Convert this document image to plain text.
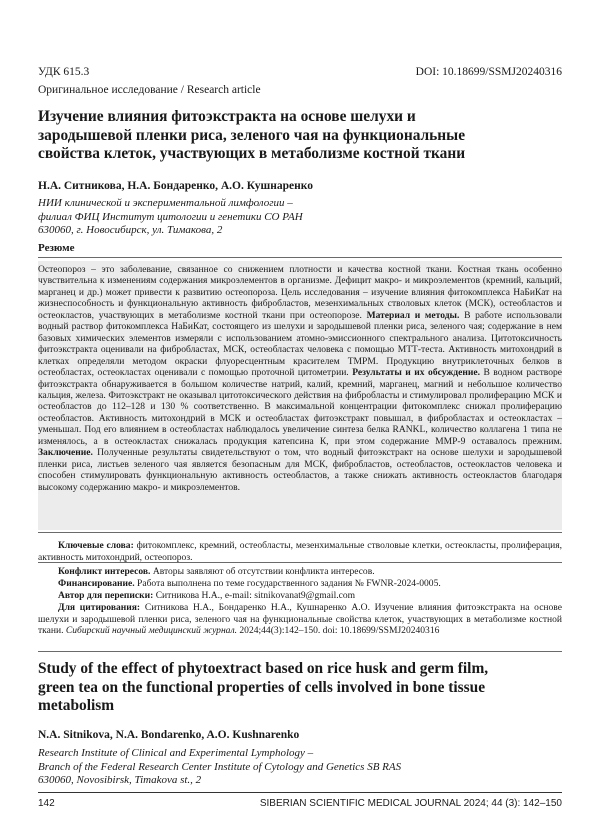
УДК 615.3	DOI: 10.18699/SSMJ20240316
Оригинальное исследование / Research article
Изучение влияния фитоэкстракта на основе шелухи и
зародышевой пленки риса, зеленого чая на функциональные
свойства клеток, участвующих в метаболизме костной ткани
Н.А. Ситникова, Н.А. Бондаренко, А.О. Кушнаренко
НИИ клинической и экспериментальной лимфологии –
филиал ФИЦ Институт цитологии и генетики СО РАН
630060, г. Новосибирск, ул. Тимакова, 2
Резюме
Остеопороз – это заболевание, связанное со снижением плотности и качества костной ткани. Костная ткань особенно чувствительна к изменениям содержания микроэлементов в организме. Дефицит макро- и микроэлементов (кремний, кальций, марганец и др.) может привести к развитию остеопороза. Цель исследования – изучение влияния фитокомплекса НаБиКат на жизнеспособность и функциональную активность фибробластов, мезенхимальных стволовых клеток (МСК), остеобластов и остеокластов, участвующих в метаболизме костной ткани при остеопорозе. Материал и методы. В работе использовали водный раствор фитокомплекса НаБиКат, состоящего из шелухи и зародышевой пленки риса, зеленого чая; содержание в нем базовых химических элементов измеряли с использованием атомно-эмиссионного спектрального анализа. Цитотоксичность фитоэкстракта оценивали на фибробластах, МСК, остеобластах человека с помощью МТТ-теста. Активность митохондрий в клетках определяли методом окраски флуоресцентным красителем TMPM. Продукцию внутриклеточных белков в остеобластах, остеокластах оценивали с помощью проточной цитометрии. Результаты и их обсуждение. В водном растворе фитоэкстракта обнаруживается в большом количестве натрий, калий, кремний, марганец, магний и небольшое количество кальция, железа. Фитоэкстракт не оказывал цитотоксического действия на фибробласты и стимулировал пролиферацию МСК и остеобластов до 112–128 и 130 % соответственно. В максимальной концентрации фитокомплекс снижал пролиферацию остеобластов. Активность митохондрий в МСК и остеобластах фитоэкстракт повышал, в фибробластах и остеокластах – уменьшал. Под его влиянием в остеобластах наблюдалось увеличение синтеза белка RANKL, количество коллагена 1 типа не изменялось, а в остеокластах снижалась продукция катепсина К, при этом содержание MMP-9 оставалось прежним. Заключение. Полученные результаты свидетельствуют о том, что водный фитоэкстракт на основе шелухи и зародышевой пленки риса, листьев зеленого чая является безопасным для МСК, фибробластов, остеобластов, остеокластов человека и способен стимулировать функциональную активность остеобластов, а также снижать активность остеокластов благодаря высокому содержанию макро- и микроэлементов.
Ключевые слова: фитокомплекс, кремний, остеобласты, мезенхимальные стволовые клетки, остеокласты, пролиферация, активность митохондрий, остеопороз.
Конфликт интересов. Авторы заявляют об отсутствии конфликта интересов.
Финансирование. Работа выполнена по теме государственного задания № FWNR-2024-0005.
Автор для переписки: Ситникова Н.А., e-mail: sitnikovanat9@gmail.com
Для цитирования: Ситникова Н.А., Бондаренко Н.А., Кушнаренко А.О. Изучение влияния фитоэкстракта на основе шелухи и зародышевой пленки риса, зеленого чая на функциональные свойства клеток, участвующих в метаболизме костной ткани. Сибирский научный медицинский журнал. 2024;44(3):142–150. doi: 10.18699/SSMJ20240316
Study of the effect of phytoextract based on rice husk and germ film,
green tea on the functional properties of cells involved in bone tissue
metabolism
N.A. Sitnikova, N.A. Bondarenko, A.O. Kushnarenko
Research Institute of Clinical and Experimental Lymphology –
Branch of the Federal Research Center Institute of Cytology and Genetics SB RAS
630060, Novosibirsk, Timakova st., 2
142	SIBERIAN SCIENTIFIC MEDICAL JOURNAL 2024; 44 (3): 142–150
